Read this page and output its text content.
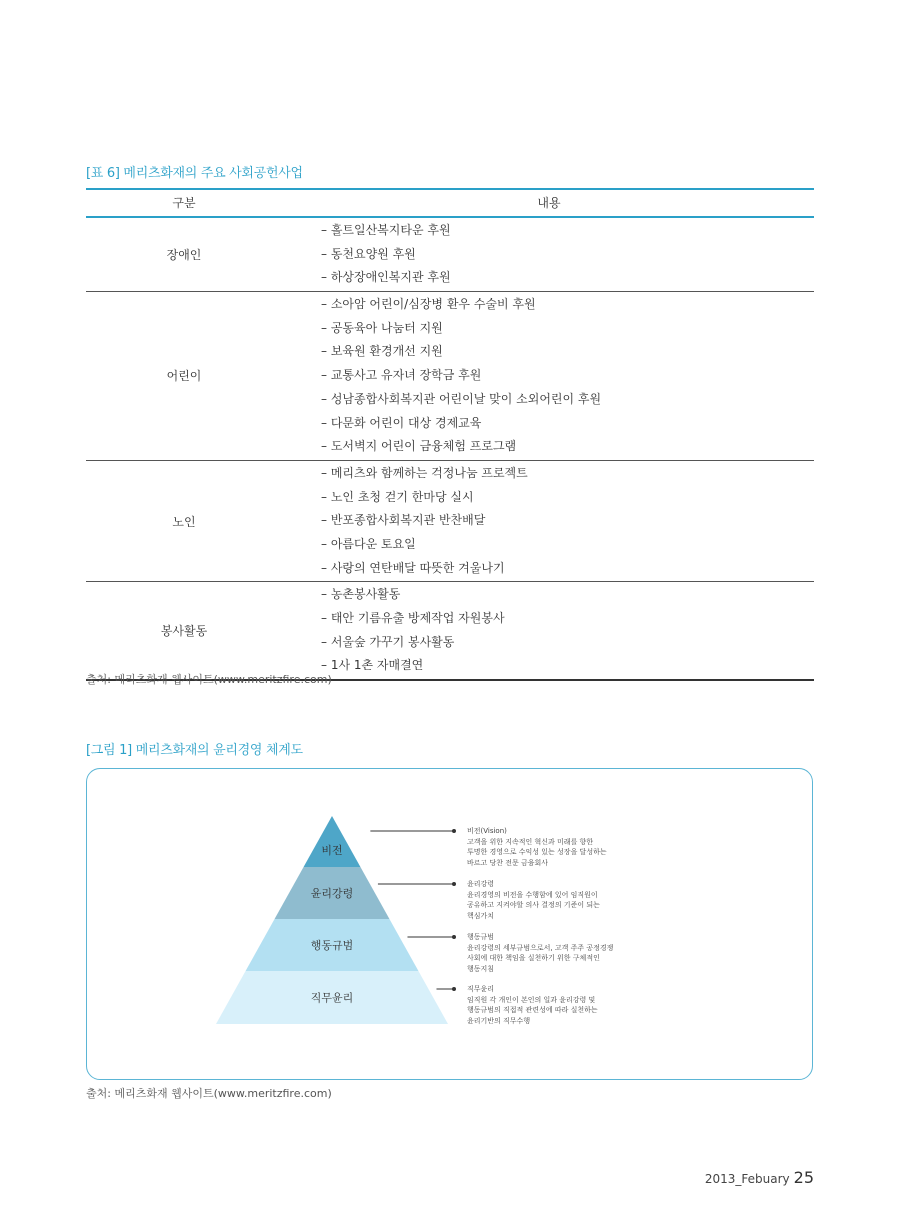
[표 6] 메리츠화재의 주요 사회공헌사업
구분	내용
장애인
– 홀트일산복지타운 후원
– 동천요양원 후원
– 하상장애인복지관 후원
어린이
– 소아암 어린이/심장병 환우 수술비 후원
– 공동육아 나눔터 지원
– 보육원 환경개선 지원
– 교통사고 유자녀 장학금 후원
– 성남종합사회복지관 어린이날 맞이 소외어린이 후원
– 다문화 어린이 대상 경제교육
– 도서벽지 어린이 금융체험 프로그램
노인
– 메리츠와 함께하는 걱정나눔 프로젝트
– 노인 초청 걷기 한마당 실시
– 반포종합사회복지관 반찬배달
– 아름다운 토요일
– 사랑의 연탄배달 따뜻한 겨울나기
봉사활동
– 농촌봉사활동
– 태안 기름유출 방제작업 자원봉사
– 서울숲 가꾸기 봉사활동
– 1사 1촌 자매결연
출처: 메리츠화재 웹사이트(www.meritzfire.com)
[그림 1] 메리츠화재의 윤리경영 체계도
비전
윤리강령
행동규범
직무윤리
비전(Vision)
고객을 위한 지속적인 혁신과 미래를 향한
투명한 경영으로 수익성 있는 성장을 달성하는
바르고 당찬 전문 금융회사
윤리강령
윤리경영의 비전을 수행함에 있어 임직원이
공유하고 지켜야할 의사 결정의 기준이 되는
핵심가치
행동규범
윤리강령의 세부규범으로서, 고객 주주 공정경쟁
사회에 대한 책임을 실천하기 위한 구체적인
행동지침
직무윤리
임직원 각 개인이 본인의 일과 윤리강령 및
행동규범의 직접적 관련성에 따라 실천하는
윤리기반의 직무수행
출처: 메리츠화재 웹사이트(www.meritzfire.com)
2013_Febuary 25
